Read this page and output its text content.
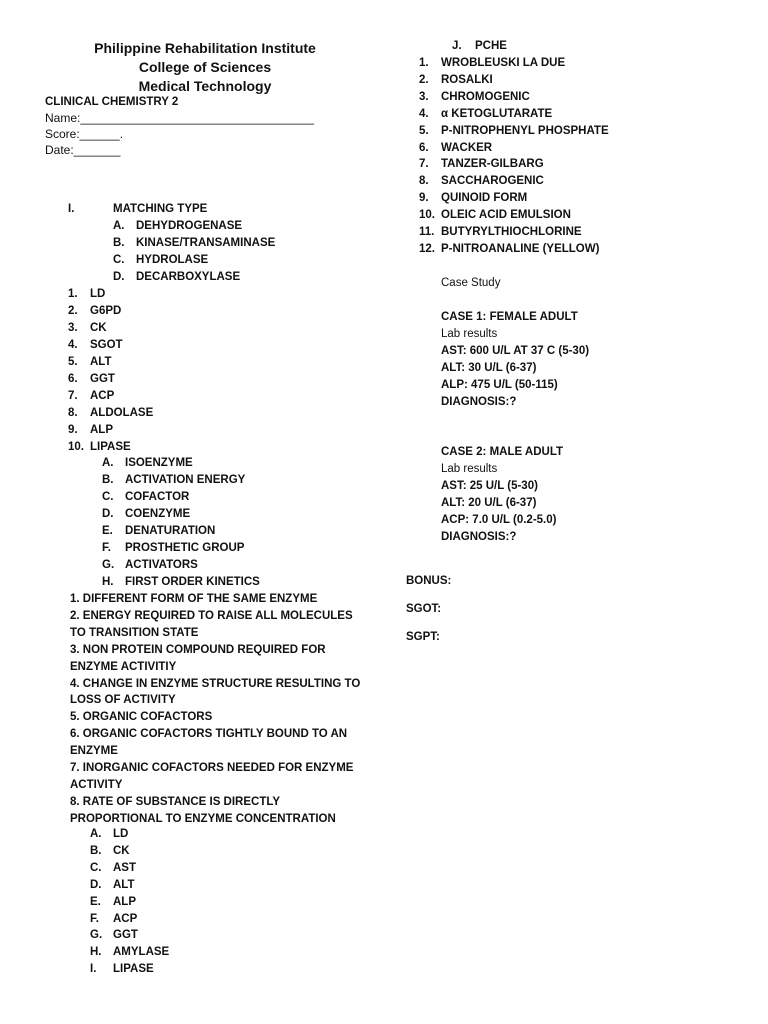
Philippine Rehabilitation Institute
College of Sciences
Medical Technology
CLINICAL CHEMISTRY 2
Name:___________________________________
Score:______.
Date:_______
I.	MATCHING TYPE
A. DEHYDROGENASE
B. KINASE/TRANSAMINASE
C. HYDROLASE
D. DECARBOXYLASE
1. LD
2. G6PD
3. CK
4. SGOT
5. ALT
6. GGT
7. ACP
8. ALDOLASE
9. ALP
10. LIPASE
A. ISOENZYME
B. ACTIVATION ENERGY
C. COFACTOR
D. COENZYME
E. DENATURATION
F. PROSTHETIC GROUP
G. ACTIVATORS
H. FIRST ORDER KINETICS
1. DIFFERENT FORM OF THE SAME ENZYME
2. ENERGY REQUIRED TO RAISE ALL MOLECULES
TO TRANSITION STATE
3. NON PROTEIN COMPOUND REQUIRED FOR
ENZYME ACTIVITIY
4. CHANGE IN ENZYME STRUCTURE RESULTING TO
LOSS OF ACTIVITY
5. ORGANIC COFACTORS
6. ORGANIC COFACTORS TIGHTLY BOUND TO AN
ENZYME
7. INORGANIC COFACTORS NEEDED FOR ENZYME
ACTIVITY
8. RATE OF SUBSTANCE IS DIRECTLY
PROPORTIONAL TO ENZYME CONCENTRATION
A. LD
B. CK
C. AST
D. ALT
E. ALP
F. ACP
G. GGT
H. AMYLASE
I. LIPASE
J. PCHE
1. WROBLEUSKI LA DUE
2. ROSALKI
3. CHROMOGENIC
4. α KETOGLUTARATE
5. P-NITROPHENYL PHOSPHATE
6. WACKER
7. TANZER-GILBARG
8. SACCHAROGENIC
9. QUINOID FORM
10. OLEIC ACID EMULSION
11. BUTYRYLTHIOCHLORINE
12. P-NITROANALINE (YELLOW)
Case Study
CASE 1: FEMALE ADULT
Lab results
AST: 600 U/L AT 37 C (5-30)
ALT: 30 U/L (6-37)
ALP: 475 U/L (50-115)
DIAGNOSIS:?
CASE 2: MALE ADULT
Lab results
AST: 25 U/L (5-30)
ALT: 20 U/L (6-37)
ACP: 7.0 U/L (0.2-5.0)
DIAGNOSIS:?
BONUS:
SGOT:
SGPT:
